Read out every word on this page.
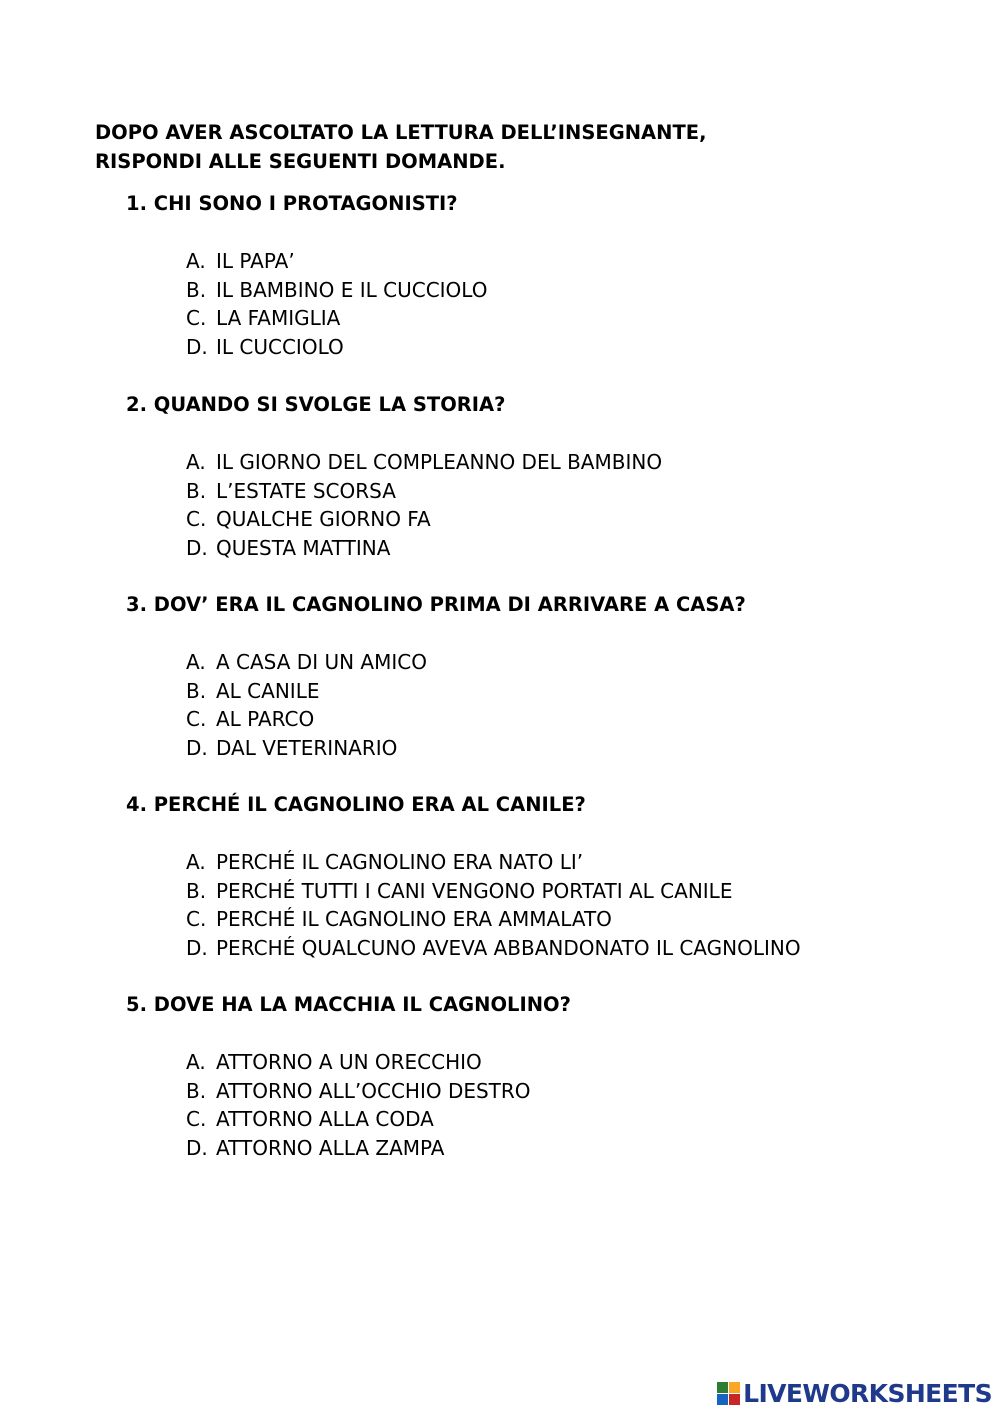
DOPO AVER ASCOLTATO LA LETTURA DELL’INSEGNANTE,
RISPONDI ALLE SEGUENTI DOMANDE.

1. CHI SONO I PROTAGONISTI?

A. IL PAPA’
B. IL BAMBINO E IL CUCCIOLO
C. LA FAMIGLIA
D. IL CUCCIOLO

2. QUANDO SI SVOLGE LA STORIA?

A. IL GIORNO DEL COMPLEANNO DEL BAMBINO
B. L’ESTATE SCORSA
C. QUALCHE GIORNO FA
D. QUESTA MATTINA

3. DOV’ ERA IL CAGNOLINO PRIMA DI ARRIVARE A CASA?

A. A CASA DI UN AMICO
B. AL CANILE
C. AL PARCO
D. DAL VETERINARIO

4. PERCHÉ IL CAGNOLINO ERA AL CANILE?

A. PERCHÉ IL CAGNOLINO ERA NATO LI’
B. PERCHÉ TUTTI I CANI VENGONO PORTATI AL CANILE
C. PERCHÉ IL CAGNOLINO ERA AMMALATO
D. PERCHÉ QUALCUNO AVEVA ABBANDONATO IL CAGNOLINO

5. DOVE HA LA MACCHIA IL CAGNOLINO?

A. ATTORNO A UN ORECCHIO
B. ATTORNO ALL’OCCHIO DESTRO
C. ATTORNO ALLA CODA
D. ATTORNO ALLA ZAMPA
LIVEWORKSHEETS
